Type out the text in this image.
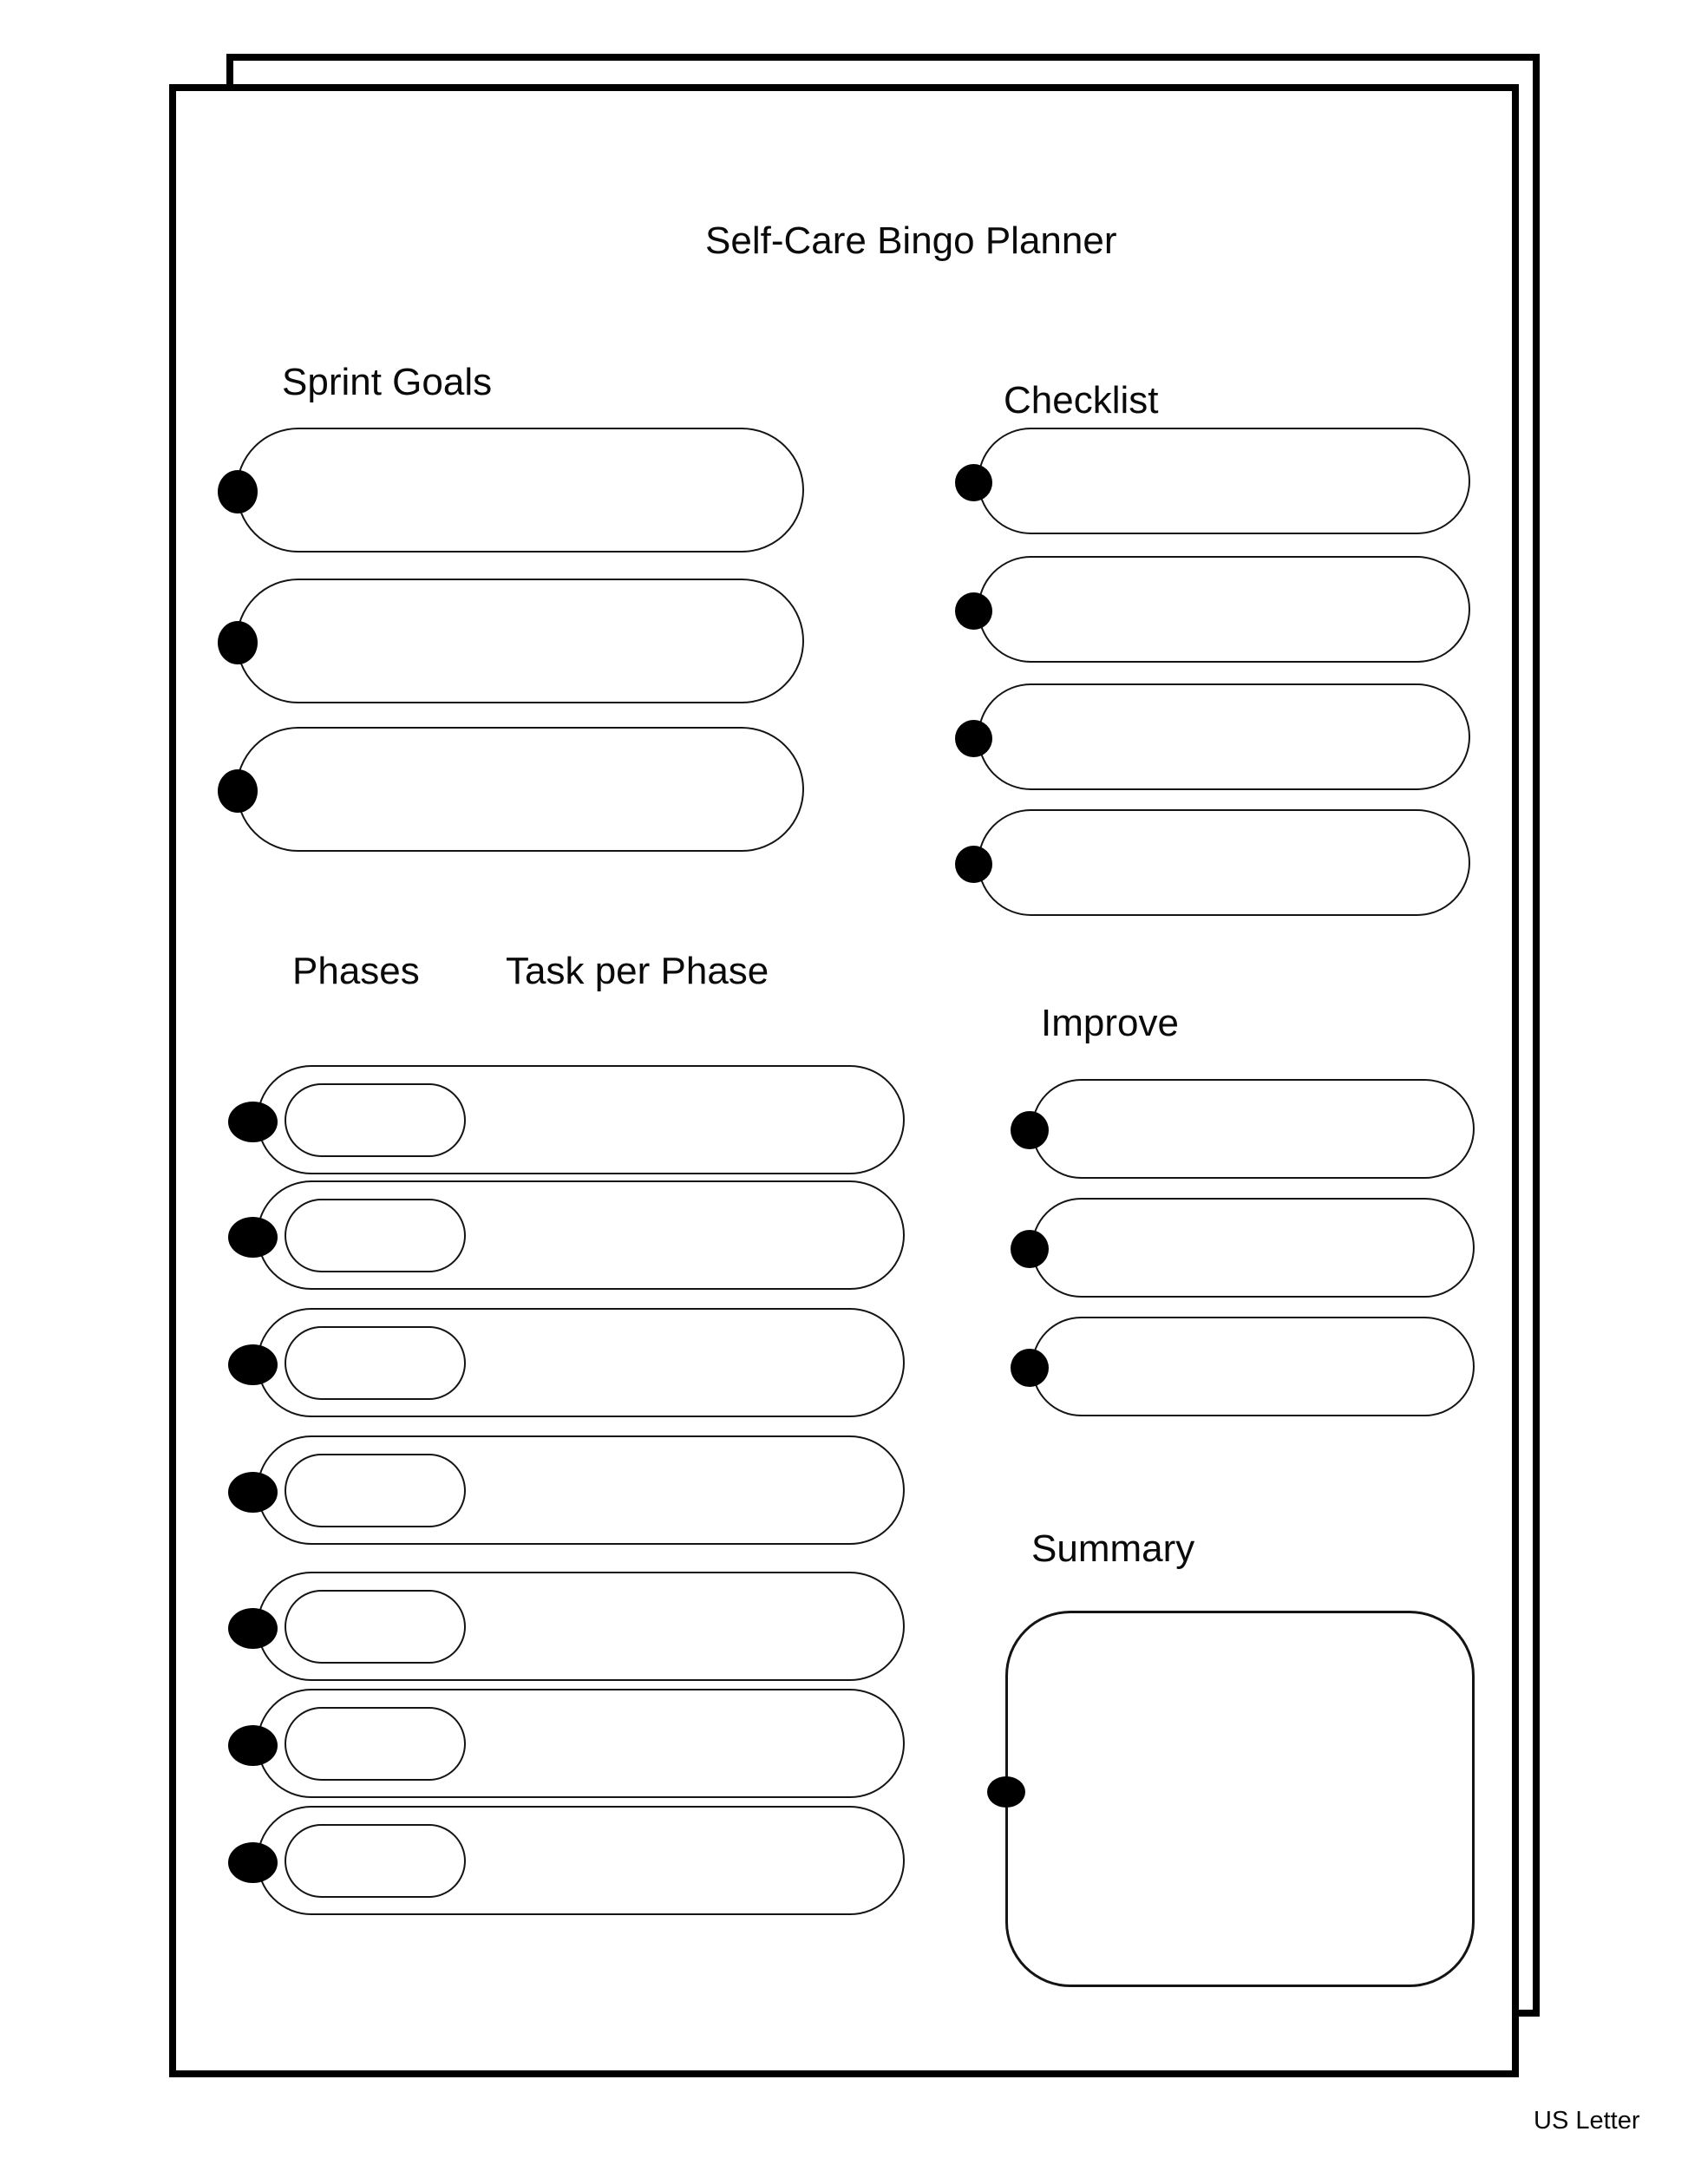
Self-Care Bingo Planner
Sprint Goals	Checklist
Phases Task per Phase
Improve
Summary
US Letter
